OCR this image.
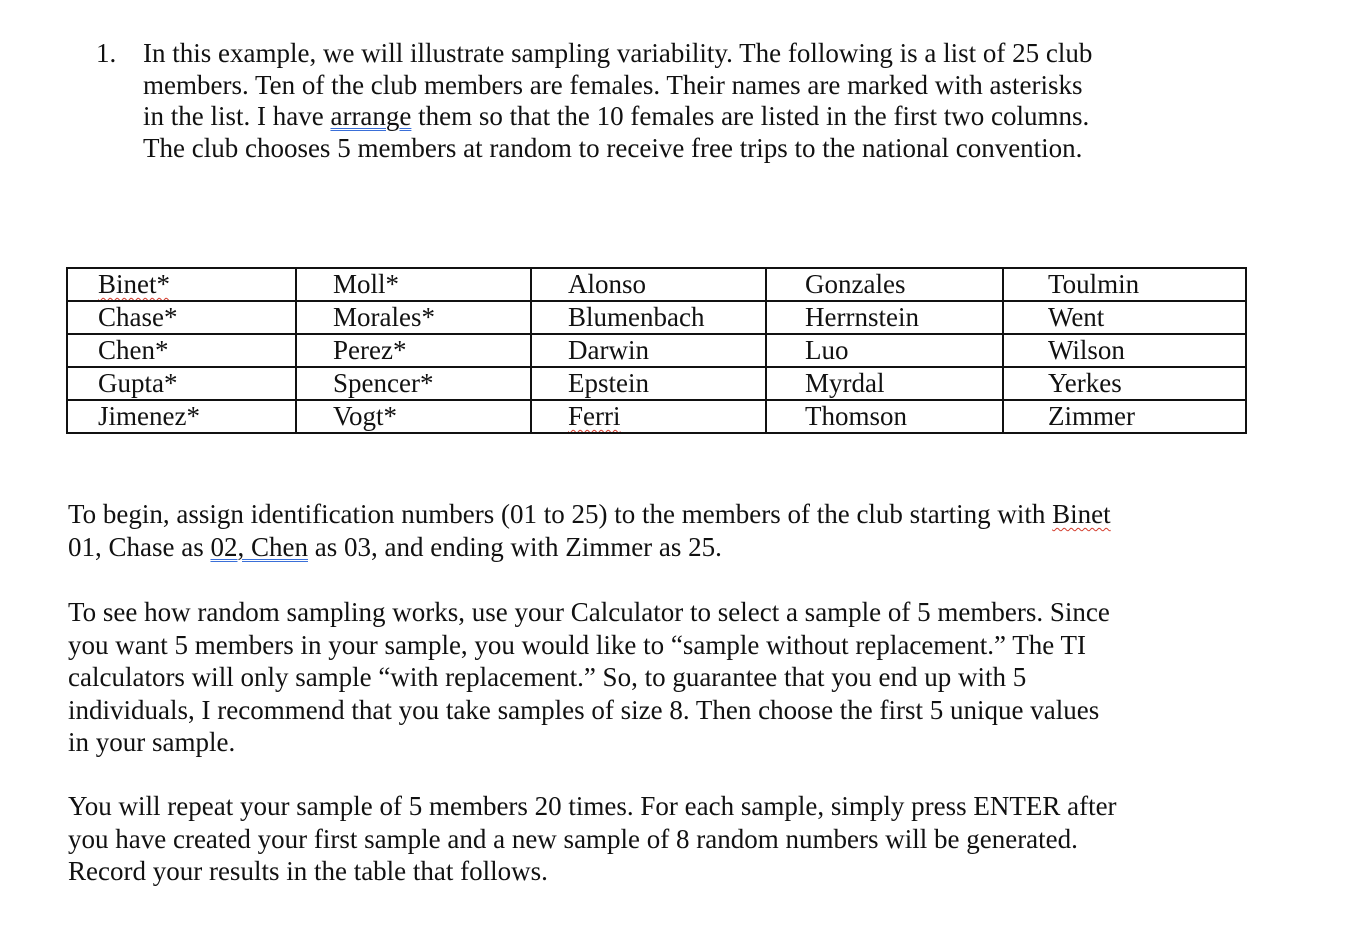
1. In this example, we will illustrate sampling variability. The following is a list of 25 club
members. Ten of the club members are females. Their names are marked with asterisks
in the list. I have arrange them so that the 10 females are listed in the first two columns.
The club chooses 5 members at random to receive free trips to the national convention.
Binet*	Moll*	Alonso	Gonzales	Toulmin
Chase*	Morales*	Blumenbach	Herrnstein	Went
Chen*	Perez*	Darwin	Luo	Wilson
Gupta*	Spencer*	Epstein	Myrdal	Yerkes
Jimenez*	Vogt*	Ferri	Thomson	Zimmer
To begin, assign identification numbers (01 to 25) to the members of the club starting with Binet
01, Chase as 02, Chen as 03, and ending with Zimmer as 25.
To see how random sampling works, use your Calculator to select a sample of 5 members. Since
you want 5 members in your sample, you would like to “sample without replacement.” The TI
calculators will only sample “with replacement.” So, to guarantee that you end up with 5
individuals, I recommend that you take samples of size 8. Then choose the first 5 unique values
in your sample.
You will repeat your sample of 5 members 20 times. For each sample, simply press ENTER after
you have created your first sample and a new sample of 8 random numbers will be generated.
Record your results in the table that follows.
